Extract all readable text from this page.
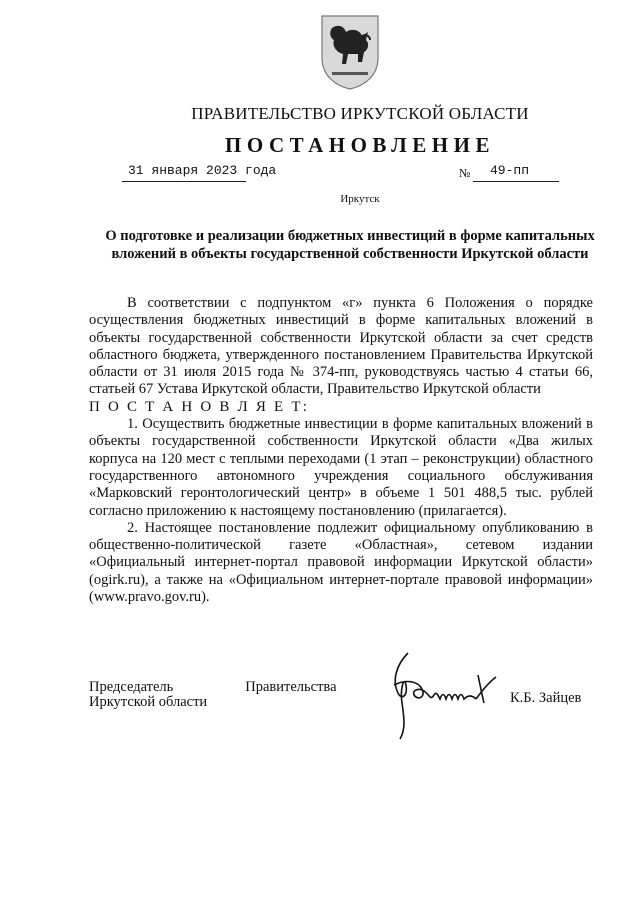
ПРАВИТЕЛЬСТВО ИРКУТСКОЙ ОБЛАСТИ
ПОСТАНОВЛЕНИЕ
31 января 2023 года	№ 49-пп
Иркутск
О подготовке и реализации бюджетных инвестиций в форме капитальных вложений в объекты государственной собственности Иркутской области

В соответствии с подпунктом «г» пункта 6 Положения о порядке осуществления бюджетных инвестиций в форме капитальных вложений в объекты государственной собственности Иркутской области за счет средств областного бюджета, утвержденного постановлением Правительства Иркутской области от 31 июля 2015 года № 374-пп, руководствуясь частью 4 статьи 66, статьей 67 Устава Иркутской области, Правительство Иркутской области

П О С Т А Н О В Л Я Е Т:

1. Осуществить бюджетные инвестиции в форме капитальных вложений в объекты государственной собственности Иркутской области «Два жилых корпуса на 120 мест с теплыми переходами (1 этап – реконструкции) областного государственного автономного учреждения социального обслуживания «Марковский геронтологический центр» в объеме 1 501 488,5 тыс. рублей согласно приложению к настоящему постановлению (прилагается).

2. Настоящее постановление подлежит официальному опубликованию в общественно-политической газете «Областная», сетевом издании «Официальный интернет-портал правовой информации Иркутской области» (ogirk.ru), а также на «Официальном интернет-портале правовой информации» (www.pravo.gov.ru).

Председатель	Правительства
Иркутской области	К.Б. Зайцев
